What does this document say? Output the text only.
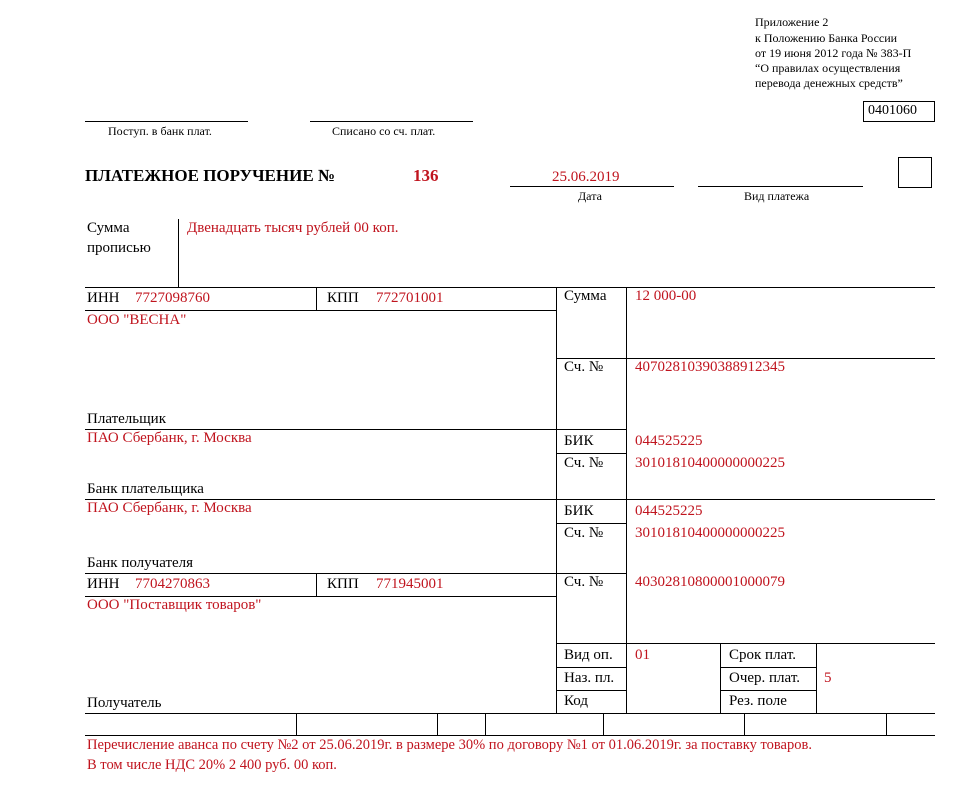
Приложение 2
к Положению Банка России
от 19 июня 2012 года № 383-П
“О правилах осуществления
перевода денежных средств”
0401060
Поступ. в банк плат.	Списано со сч. плат.
ПЛАТЕЖНОЕ ПОРУЧЕНИЕ №	136	25.06.2019
Дата	Вид платежа
Сумма
прописью
Двенадцать тысяч рублей 00 коп.
ИНН 7727098760	КПП 772701001
ООО "ВЕСНА"
Плательщик
Сумма 12 000-00
Сч. № 40702810390388912345
ПАО Сбербанк, г. Москва
Банк плательщика
БИК	044525225
Сч. № 30101810400000000225
ПАО Сбербанк, г. Москва
Банк получателя
БИК	044525225
Сч. № 30101810400000000225
ИНН 7704270863	КПП 771945001
ООО "Поставщик товаров"
Получатель
Сч. № 40302810800001000079
Вид оп. 01
Наз. пл.
Код
Срок плат.
Очер. плат. 5
Рез. поле
Перечисление аванса по счету №2 от 25.06.2019г. в размере 30% по договору №1 от 01.06.2019г. за поставку товаров.
В том числе НДС 20% 2 400 руб. 00 коп.
